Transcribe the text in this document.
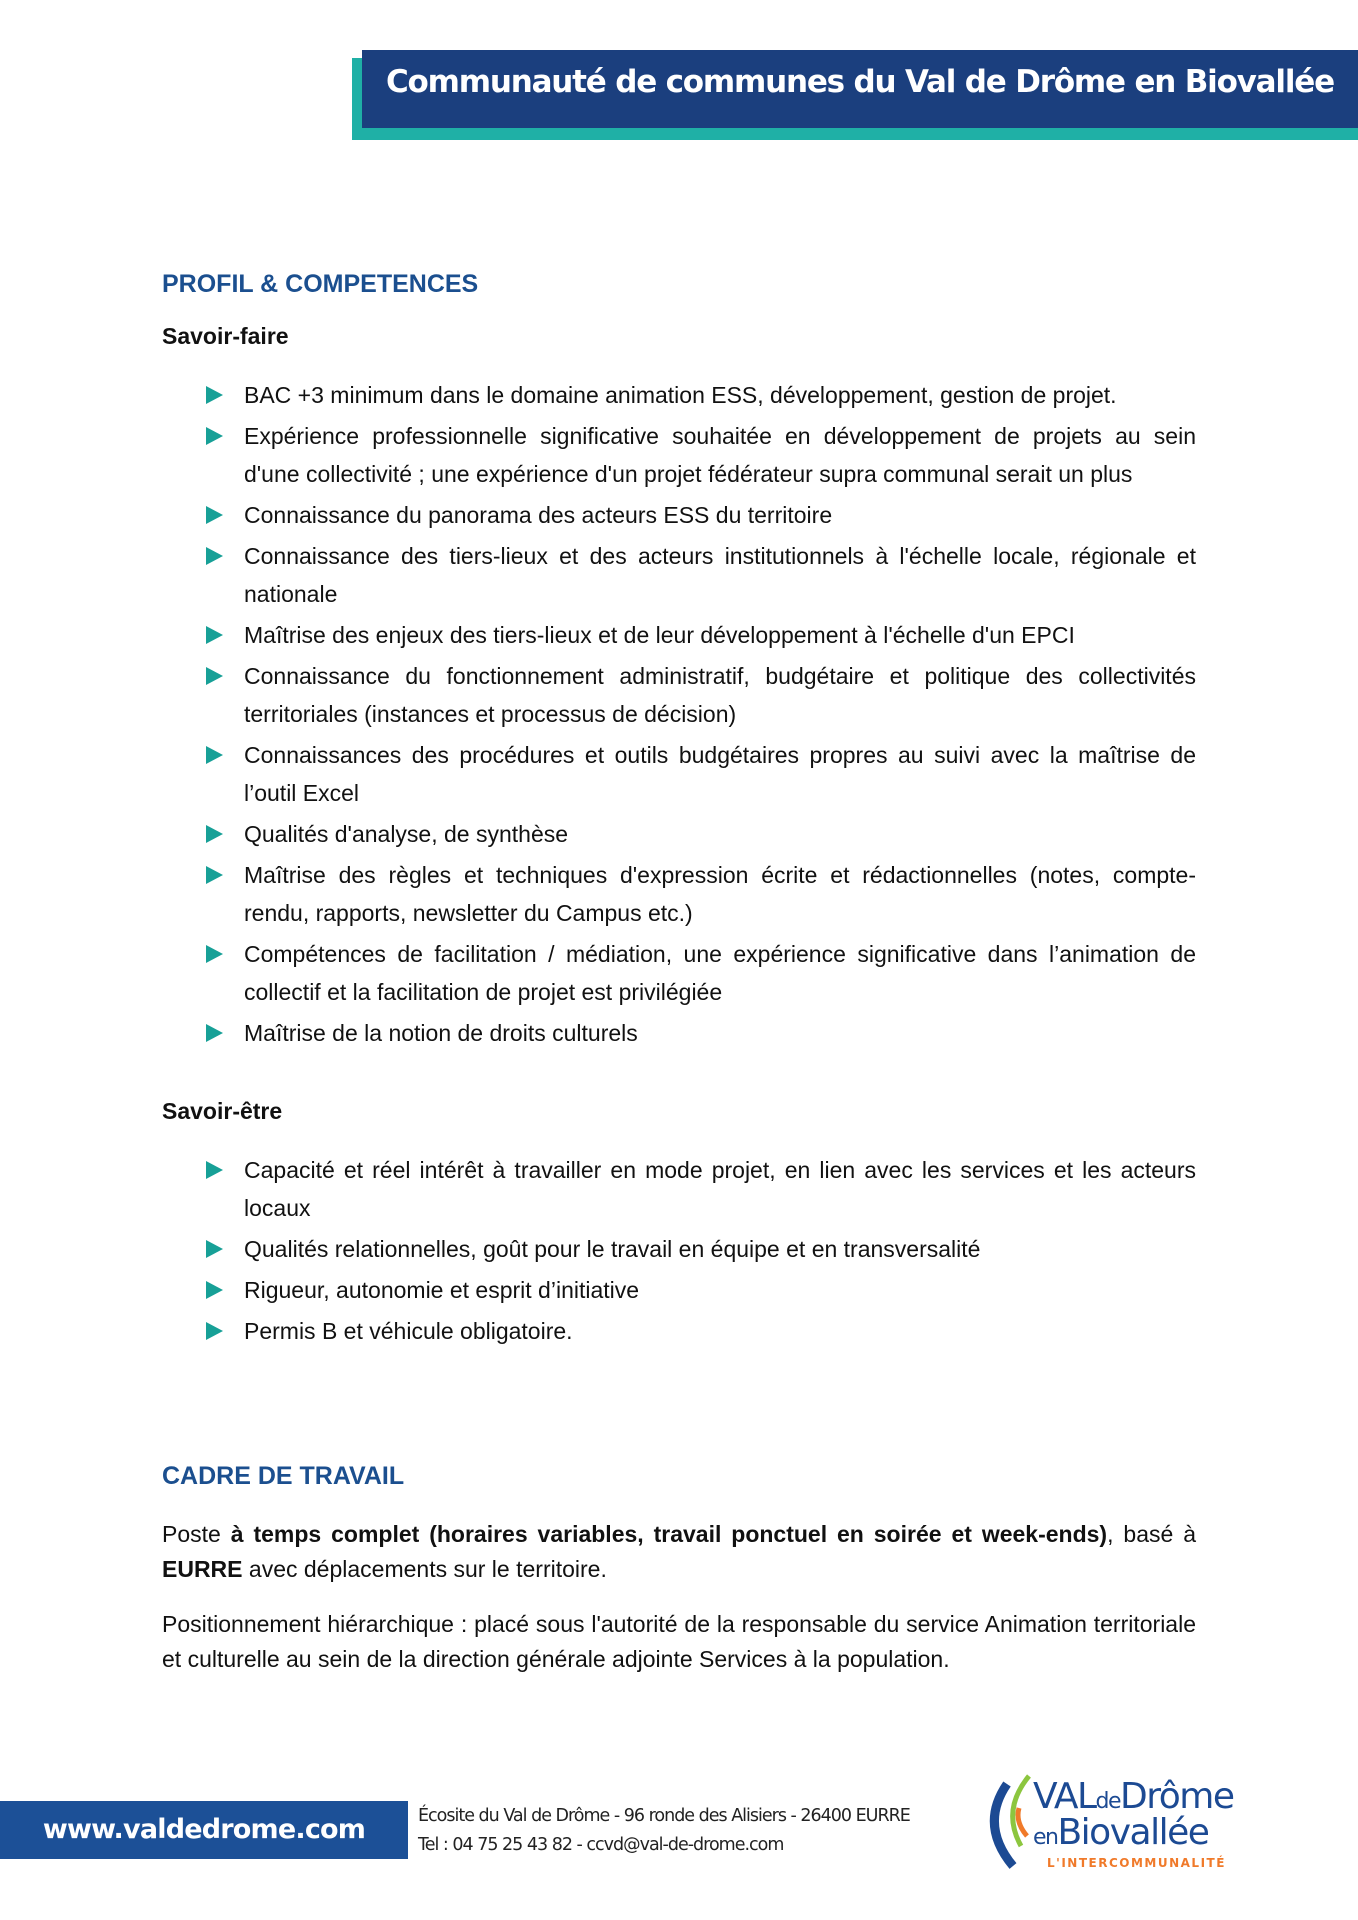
Communauté de communes du Val de Drôme en Biovallée
PROFIL & COMPETENCES
Savoir-faire
BAC +3 minimum dans le domaine animation ESS, développement, gestion de projet.
Expérience professionnelle significative souhaitée en développement de projets au sein d'une collectivité ; une expérience d'un projet fédérateur supra communal serait un plus
Connaissance du panorama des acteurs ESS du territoire
Connaissance des tiers-lieux et des acteurs institutionnels à l'échelle locale, régionale et nationale
Maîtrise des enjeux des tiers-lieux et de leur développement à l'échelle d'un EPCI
Connaissance du fonctionnement administratif, budgétaire et politique des collectivités territoriales (instances et processus de décision)
Connaissances des procédures et outils budgétaires propres au suivi avec la maîtrise de l’outil Excel
Qualités d'analyse, de synthèse
Maîtrise des règles et techniques d'expression écrite et rédactionnelles (notes, compte-rendu, rapports, newsletter du Campus etc.)
Compétences de facilitation / médiation, une expérience significative dans l’animation de collectif et la facilitation de projet est privilégiée
Maîtrise de la notion de droits culturels
Savoir-être
Capacité et réel intérêt à travailler en mode projet, en lien avec les services et les acteurs locaux
Qualités relationnelles, goût pour le travail en équipe et en transversalité
Rigueur, autonomie et esprit d’initiative
Permis B et véhicule obligatoire.
CADRE DE TRAVAIL

Poste à temps complet (horaires variables, travail ponctuel en soirée et week-ends), basé à EURRE avec déplacements sur le territoire.

Positionnement hiérarchique : placé sous l'autorité de la responsable du service Animation territoriale et culturelle au sein de la direction générale adjointe Services à la population.

www.valdedrome.com	Écosite du Val de Drôme - 96 ronde des Alisiers - 26400 EURRE
Tel : 04 75 25 43 82 - ccvd@val-de-drome.com
VALdeDrôme
enBiovallée
L'INTERCOMMUNALITÉ
